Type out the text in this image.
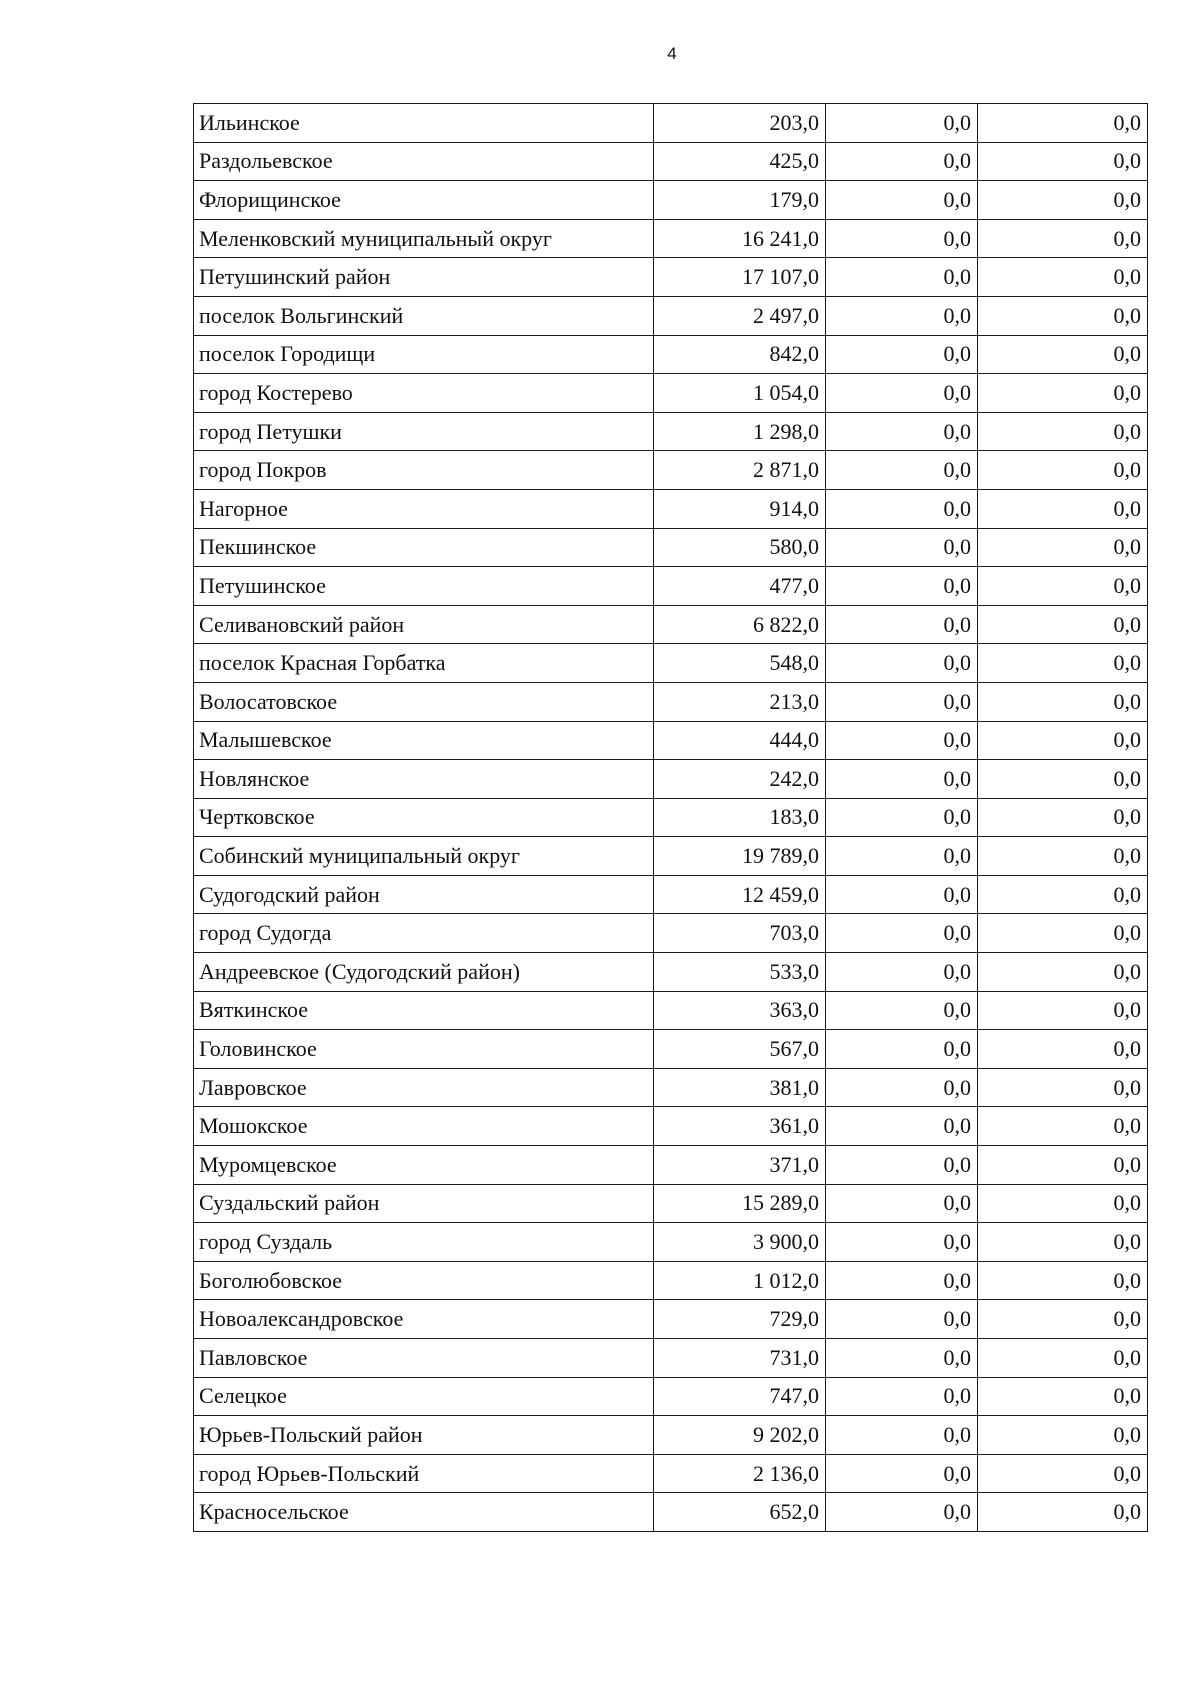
4
Ильинское	203,0	0,0	0,0
Раздольевское	425,0	0,0	0,0
Флорищинское	179,0	0,0	0,0
Меленковский муниципальный округ	16 241,0	0,0	0,0
Петушинский район	17 107,0	0,0	0,0
поселок Вольгинский	2 497,0	0,0	0,0
поселок Городищи	842,0	0,0	0,0
город Костерево	1 054,0	0,0	0,0
город Петушки	1 298,0	0,0	0,0
город Покров	2 871,0	0,0	0,0
Нагорное	914,0	0,0	0,0
Пекшинское	580,0	0,0	0,0
Петушинское	477,0	0,0	0,0
Селивановский район	6 822,0	0,0	0,0
поселок Красная Горбатка	548,0	0,0	0,0
Волосатовское	213,0	0,0	0,0
Малышевское	444,0	0,0	0,0
Новлянское	242,0	0,0	0,0
Чертковское	183,0	0,0	0,0
Собинский муниципальный округ	19 789,0	0,0	0,0
Судогодский район	12 459,0	0,0	0,0
город Судогда	703,0	0,0	0,0
Андреевское (Судогодский район)	533,0	0,0	0,0
Вяткинское	363,0	0,0	0,0
Головинское	567,0	0,0	0,0
Лавровское	381,0	0,0	0,0
Мошокское	361,0	0,0	0,0
Муромцевское	371,0	0,0	0,0
Суздальский район	15 289,0	0,0	0,0
город Суздаль	3 900,0	0,0	0,0
Боголюбовское	1 012,0	0,0	0,0
Новоалександровское	729,0	0,0	0,0
Павловское	731,0	0,0	0,0
Селецкое	747,0	0,0	0,0
Юрьев-Польский район	9 202,0	0,0	0,0
город Юрьев-Польский	2 136,0	0,0	0,0
Красносельское	652,0	0,0	0,0
